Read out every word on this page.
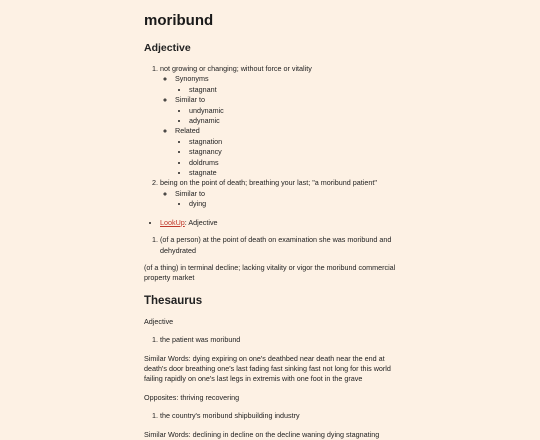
moribund
Adjective
1. not growing or changing; without force or vitality
◦ Synonyms
• stagnant
◦ Similar to
• undynamic
• adynamic
◦ Related
• stagnation
• stagnancy
• doldrums
• stagnate
2. being on the point of death; breathing your last; "a moribund patient"
◦ Similar to
• dying
• LookUp: Adjective
1. (of a person) at the point of death on examination she was moribund and dehydrated

(of a thing) in terminal decline; lacking vitality or vigor the moribund commercial property market

Thesaurus

Adjective

1. the patient was moribund

Similar Words: dying expiring on one's deathbed near death near the end at death's door breathing one's last fading fast sinking fast not long for this world failing rapidly on one's last legs in extremis with one foot in the grave

Opposites: thriving recovering

1. the country's moribund shipbuilding industry

Similar Words: declining in decline on the decline waning dying stagnating
